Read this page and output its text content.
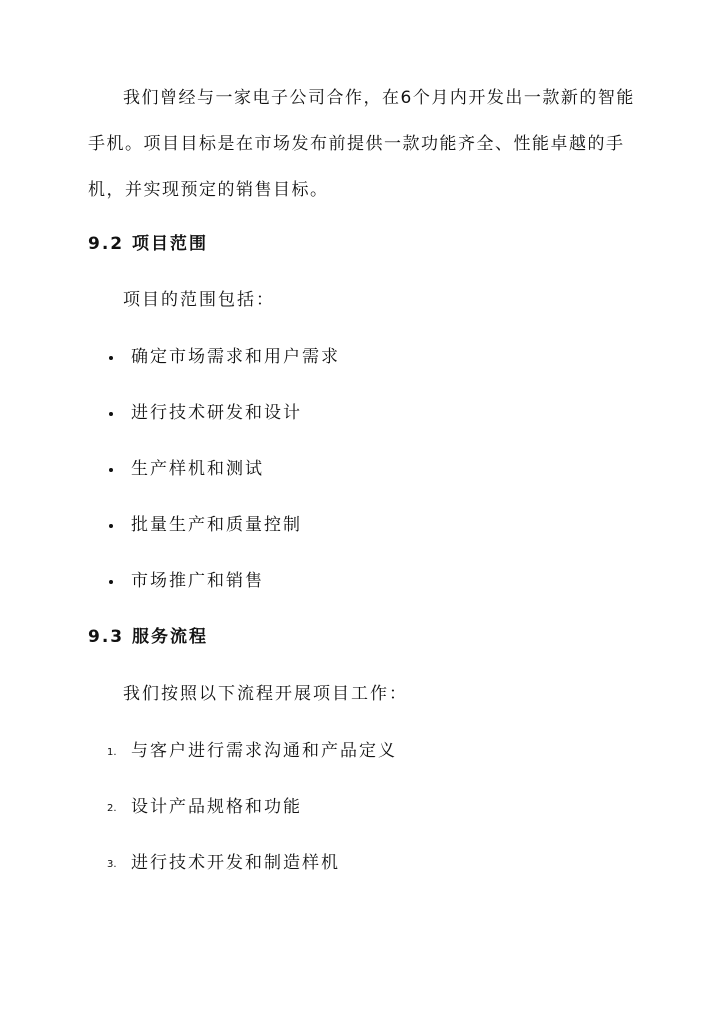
我们曾经与一家电子公司合作，在6个月内开发出一款新的智能手机。项目目标是在市场发布前提供一款功能齐全、性能卓越的手机，并实现预定的销售目标。

9.2 项目范围

项目的范围包括：

确定市场需求和用户需求
进行技术研发和设计
生产样机和测试
批量生产和质量控制
市场推广和销售
9.3 服务流程

我们按照以下流程开展项目工作：

1. 与客户进行需求沟通和产品定义
2. 设计产品规格和功能
3. 进行技术开发和制造样机
